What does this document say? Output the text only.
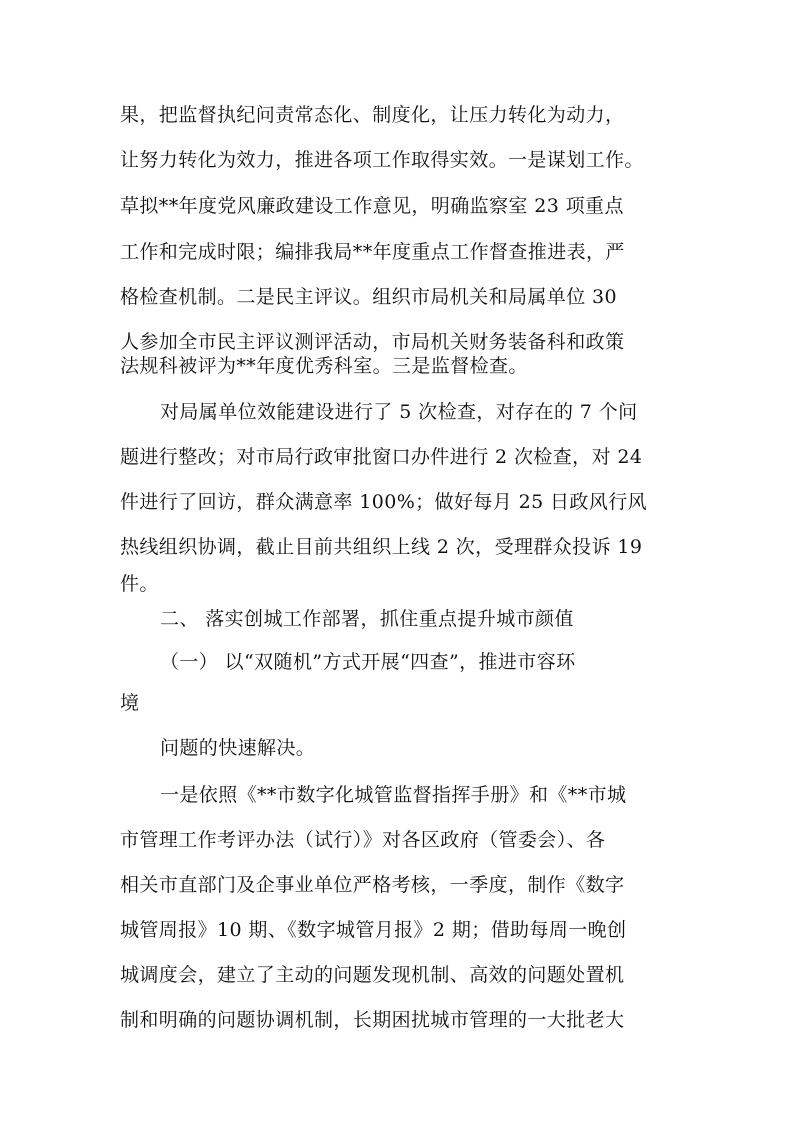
果，把监督执纪问责常态化、制度化，让压力转化为动力，
让努力转化为效力，推进各项工作取得实效。一是谋划工作。
草拟**年度党风廉政建设工作意见，明确监察室 23 项重点
工作和完成时限；编排我局**年度重点工作督查推进表，严
格检查机制。二是民主评议。组织市局机关和局属单位 30
人参加全市民主评议测评活动，市局机关财务装备科和政策
法规科被评为**年度优秀科室。三是监督检查。
对局属单位效能建设进行了 5 次检查，对存在的 7 个问
题进行整改；对市局行政审批窗口办件进行 2 次检查，对 24
件进行了回访，群众满意率 100%；做好每月 25 日政风行风
热线组织协调，截止目前共组织上线 2 次，受理群众投诉 19
件。
二、 落实创城工作部署，抓住重点提升城市颜值
（一） 以“双随机”方式开展“四查”，推进市容环
境
问题的快速解决。
一是依照《**市数字化城管监督指挥手册》和《**市城
市管理工作考评办法（试行）》对各区政府（管委会）、各
相关市直部门及企事业单位严格考核，一季度，制作《数字
城管周报》10 期、《数字城管月报》2 期；借助每周一晚创
城调度会，建立了主动的问题发现机制、高效的问题处置机
制和明确的问题协调机制，长期困扰城市管理的一大批老大
